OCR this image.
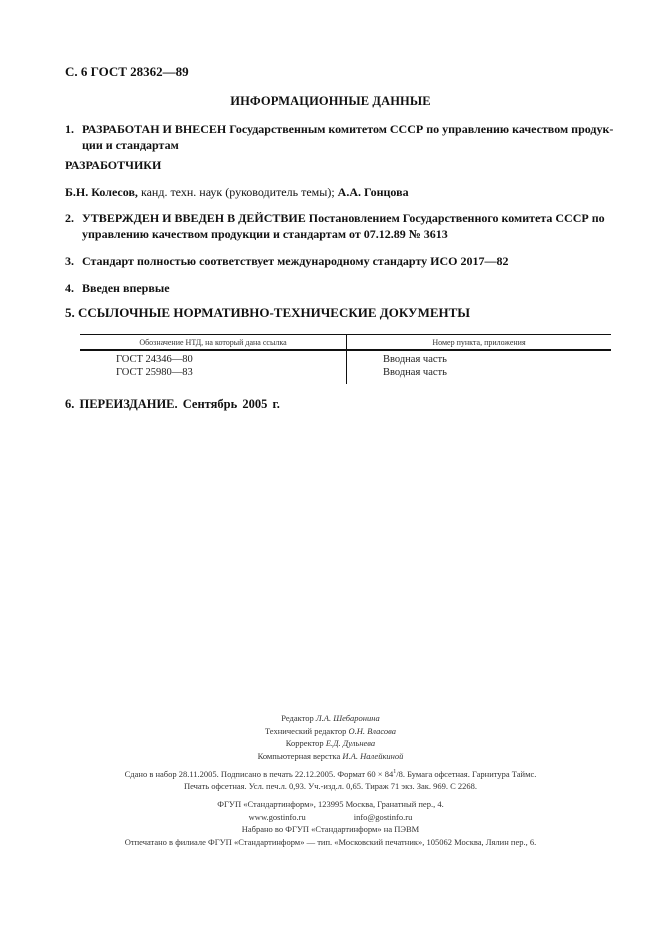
С. 6 ГОСТ 28362—89
ИНФОРМАЦИОННЫЕ ДАННЫЕ
1. РАЗРАБОТАН И ВНЕСЕН Государственным комитетом СССР по управлению качеством продук-ции и стандартам
РАЗРАБОТЧИКИ
Б.Н. Колесов, канд. техн. наук (руководитель темы); А.А. Гонцова
2. УТВЕРЖДЕН И ВВЕДЕН В ДЕЙСТВИЕ Постановлением Государственного комитета СССР по управлению качеством продукции и стандартам от 07.12.89 № 3613
3. Стандарт полностью соответствует международному стандарту ИСО 2017—82
4. Введен впервые
5. ССЫЛОЧНЫЕ НОРМАТИВНО-ТЕХНИЧЕСКИЕ ДОКУМЕНТЫ
Обозначение НТД, на который дана ссылка	Номер пункта, приложения
ГОСТ 24346—80	Вводная часть
ГОСТ 25980—83	Вводная часть
6. ПЕРЕИЗДАНИЕ. Сентябрь 2005 г.
Редактор Л.А. Шебаронина
Технический редактор О.Н. Власова
Корректор Е.Д. Дульнева
Компьютерная верстка И.А. Налейкиной
Сдано в набор 28.11.2005. Подписано в печать 22.12.2005. Формат $60 \times 84^1/8$. Бумага офсетная. Гарнитура Таймс.
Печать офсетная. Усл. печ.л. 0,93. Уч.-изд.л. 0,65. Тираж 71 экз. Зак. 969. С 2268.
ФГУП «Стандартинформ», 123995 Москва, Гранатный пер., 4.
www.gostinfo.ru	info@gostinfo.ru
Набрано во ФГУП «Стандартинформ» на ПЭВМ
Отпечатано в филиале ФГУП «Стандартинформ» — тип. «Московский печатник», 105062 Москва, Лялин пер., 6.
